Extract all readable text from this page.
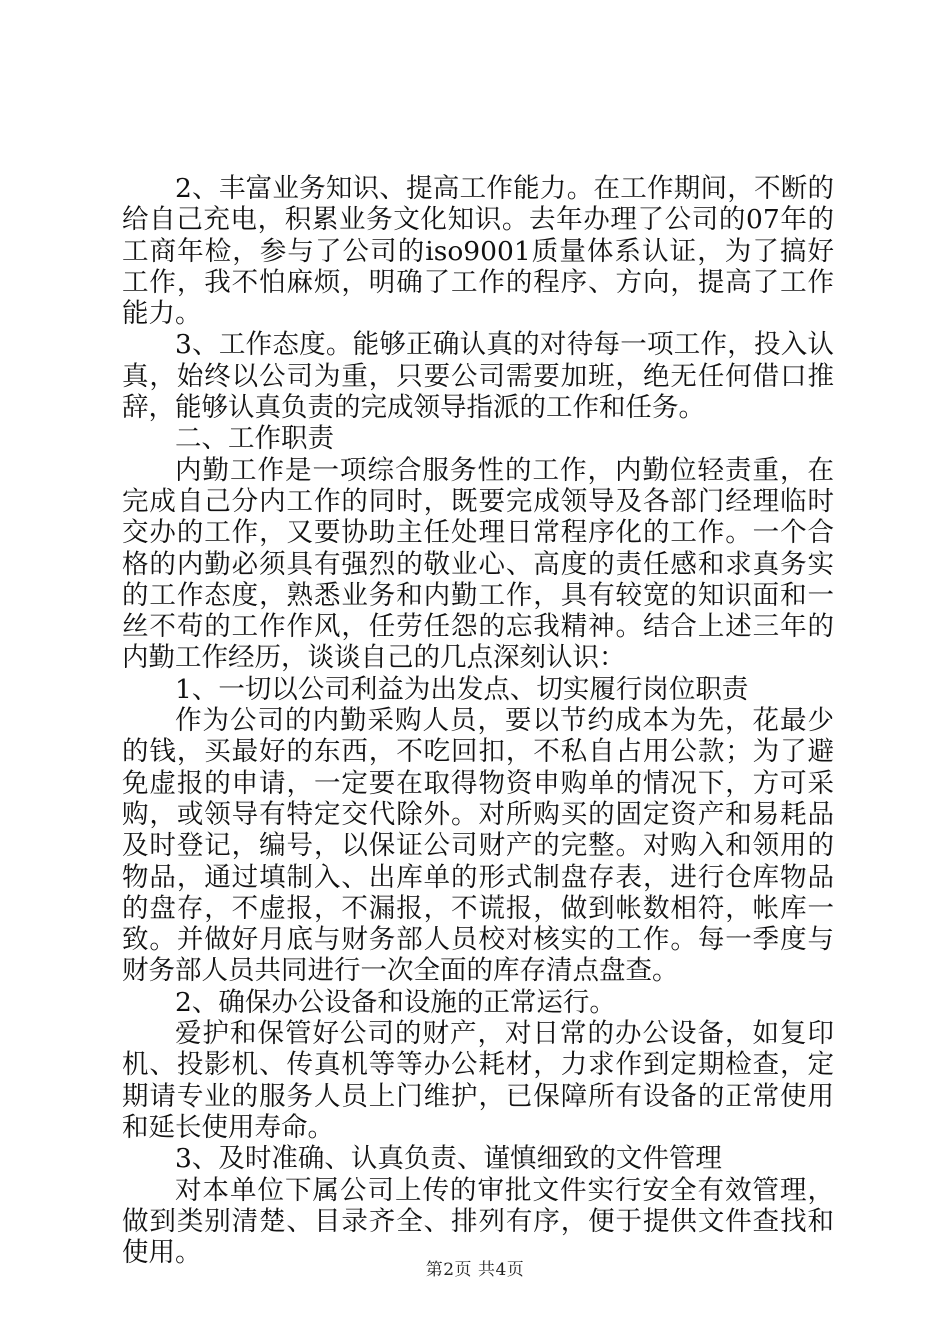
2、丰富业务知识、提高工作能力。在工作期间，不断的给自己充电，积累业务文化知识。去年办理了公司的07年的工商年检，参与了公司的iso9001质量体系认证，为了搞好工作，我不怕麻烦，明确了工作的程序、方向，提高了工作能力。

3、工作态度。能够正确认真的对待每一项工作，投入认真，始终以公司为重，只要公司需要加班，绝无任何借口推辞，能够认真负责的完成领导指派的工作和任务。

二、工作职责

内勤工作是一项综合服务性的工作，内勤位轻责重，在完成自己分内工作的同时，既要完成领导及各部门经理临时交办的工作，又要协助主任处理日常程序化的工作。一个合格的内勤必须具有强烈的敬业心、高度的责任感和求真务实的工作态度，熟悉业务和内勤工作，具有较宽的知识面和一丝不苟的工作作风，任劳任怨的忘我精神。结合上述三年的内勤工作经历，谈谈自己的几点深刻认识：

1、一切以公司利益为出发点、切实履行岗位职责

作为公司的内勤采购人员，要以节约成本为先，花最少的钱，买最好的东西，不吃回扣，不私自占用公款；为了避免虚报的申请，一定要在取得物资申购单的情况下，方可采购，或领导有特定交代除外。对所购买的固定资产和易耗品及时登记，编号，以保证公司财产的完整。对购入和领用的物品，通过填制入、出库单的形式制盘存表，进行仓库物品的盘存，不虚报，不漏报，不谎报，做到帐数相符，帐库一致。并做好月底与财务部人员校对核实的工作。每一季度与财务部人员共同进行一次全面的库存清点盘查。

2、确保办公设备和设施的正常运行。

爱护和保管好公司的财产，对日常的办公设备，如复印机、投影机、传真机等等办公耗材，力求作到定期检查，定期请专业的服务人员上门维护，已保障所有设备的正常使用和延长使用寿命。

3、及时准确、认真负责、谨慎细致的文件管理

对本单位下属公司上传的审批文件实行安全有效管理，做到类别清楚、目录齐全、排列有序，便于提供文件查找和使用。

第2页 共4页
